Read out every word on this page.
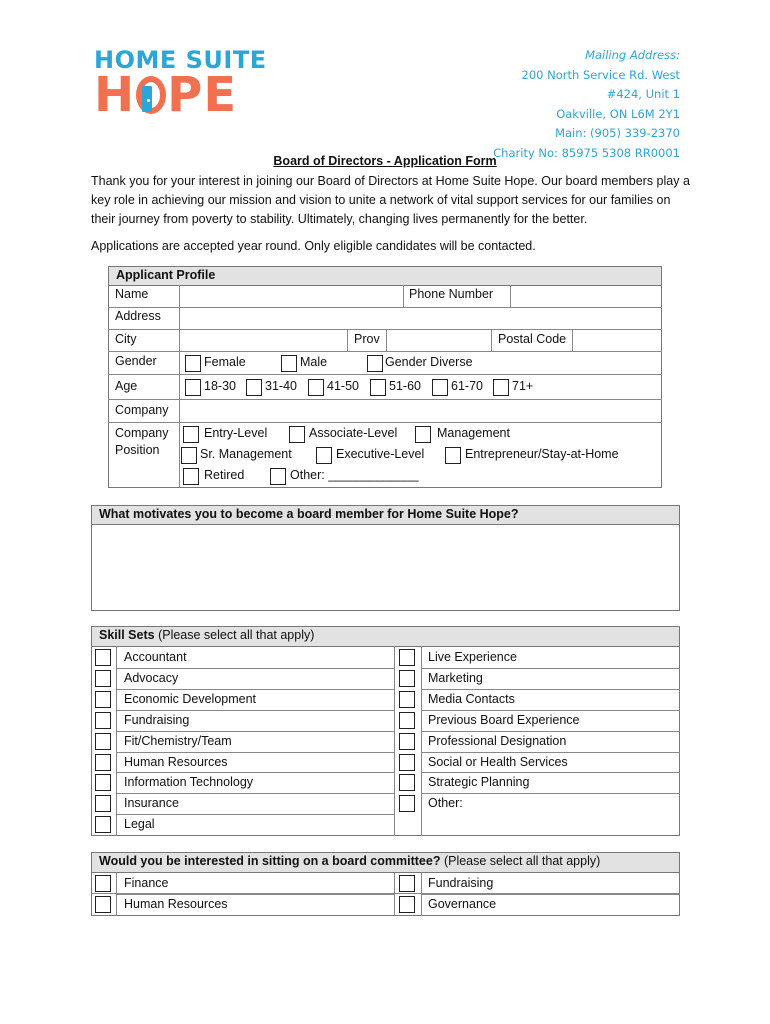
HOME SUITE
H PE
Mailing Address:
200 North Service Rd. West
#424, Unit 1
Oakville, ON L6M 2Y1
Main: (905) 339-2370
Charity No: 85975 5308 RR0001
Board of Directors - Application Form
Thank you for your interest in joining our Board of Directors at Home Suite Hope. Our board members play a key role in achieving our mission and vision to unite a network of vital support services for our families on their journey from poverty to stability. Ultimately, changing lives permanently for the better.
Applications are accepted year round. Only eligible candidates will be contacted.
Applicant Profile
Name	Phone Number
Address
City	Prov	Postal Code
Gender	Female	Male	Gender Diverse
Age	18-30 31-40 41-50 51-60 61-70 71+
Company
Company
Position
Entry-Level	Associate-Level	Management
Sr. Management	Executive-Level	Entrepreneur/Stay-at-Home
Retired	Other: _____________
What motivates you to become a board member for Home Suite Hope?
Skill Sets (Please select all that apply)
Accountant	Live Experience
Advocacy	Marketing
Economic Development	Media Contacts
Fundraising	Previous Board Experience
Fit/Chemistry/Team	Professional Designation
Human Resources	Social or Health Services
Information Technology	Strategic Planning
Insurance	Other:
Legal
Would you be interested in sitting on a board committee? (Please select all that apply)
Finance	Fundraising
Human Resources	Governance
